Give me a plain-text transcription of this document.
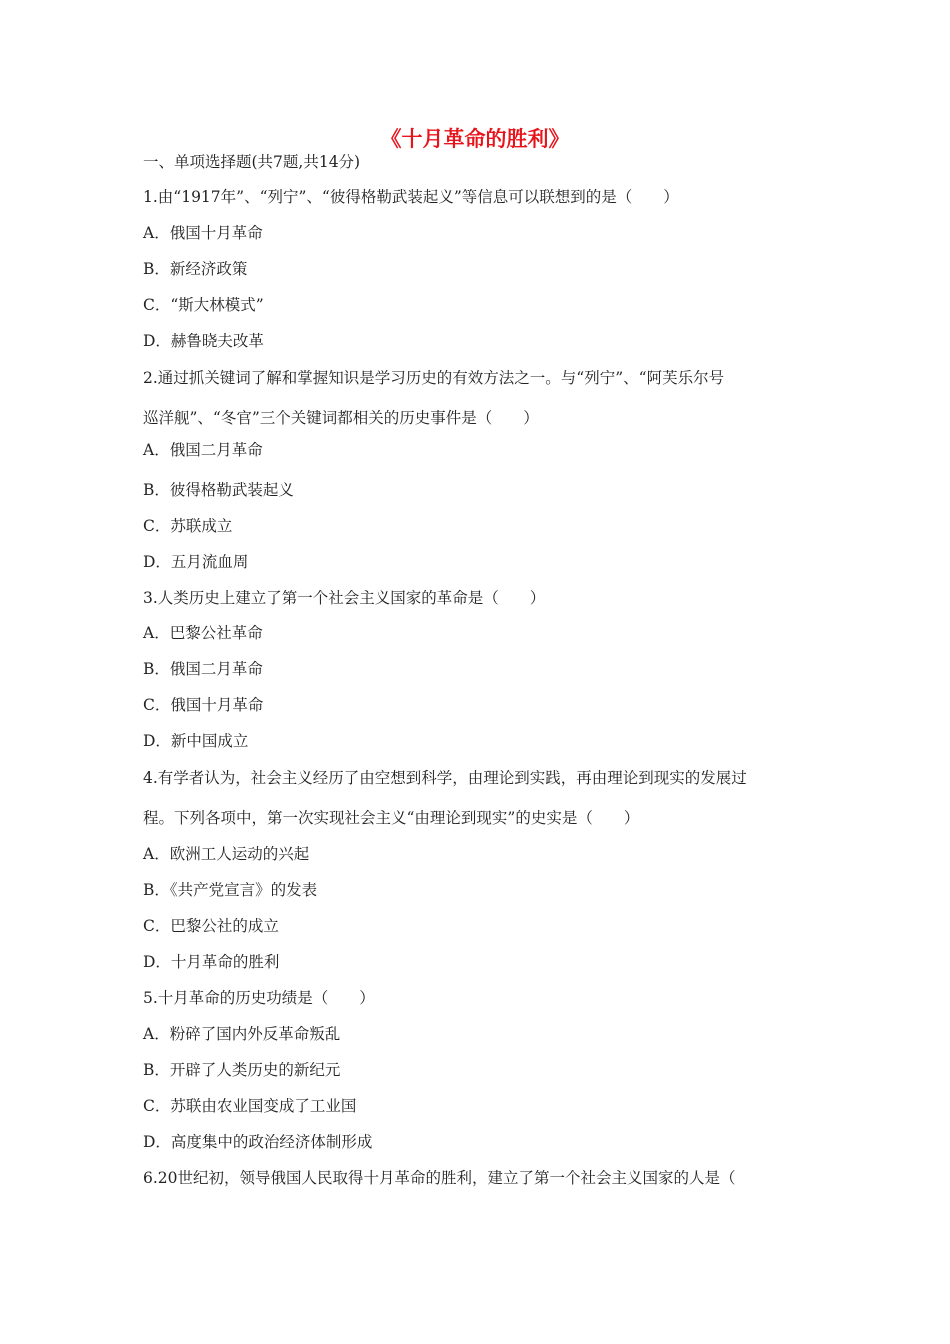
《十月革命的胜利》
一、单项选择题(共7题,共14分)
1.由“1917年”、“列宁”、“彼得格勒武装起义”等信息可以联想到的是（　　）
A．俄国十月革命
B．新经济政策
C．“斯大林模式”
D．赫鲁晓夫改革
2.通过抓关键词了解和掌握知识是学习历史的有效方法之一。与“列宁”、“阿芙乐尔号
巡洋舰”、“冬官”三个关键词都相关的历史事件是（　　）
A．俄国二月革命
B．彼得格勒武装起义
C．苏联成立
D．五月流血周
3.人类历史上建立了第一个社会主义国家的革命是（　　）
A．巴黎公社革命
B．俄国二月革命
C．俄国十月革命
D．新中国成立
4.有学者认为，社会主义经历了由空想到科学，由理论到实践，再由理论到现实的发展过
程。下列各项中，第一次实现社会主义“由理论到现实”的史实是（　　）
A．欧洲工人运动的兴起
B．《共产党宣言》的发表
C．巴黎公社的成立
D．十月革命的胜利
5.十月革命的历史功绩是（　　）
A．粉碎了国内外反革命叛乱
B．开辟了人类历史的新纪元
C．苏联由农业国变成了工业国
D．高度集中的政治经济体制形成
6.20世纪初，领导俄国人民取得十月革命的胜利，建立了第一个社会主义国家的人是（
